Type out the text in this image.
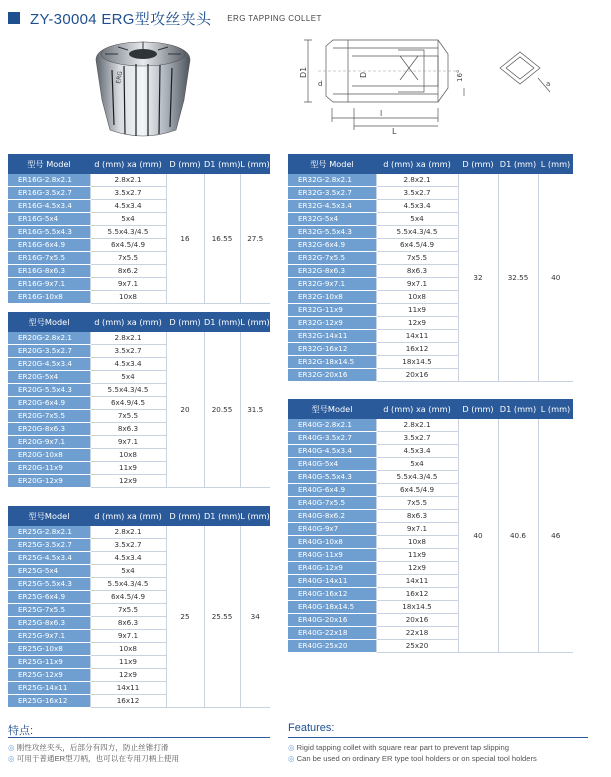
ZY-30004 ERG型攻丝夹头 ERG TAPPING COLLET
ERG	D1
d
D
l
L
16°
a
型号 Model	d (mm) xa (mm)	D (mm)	D1 (mm)	L (mm)
ER16G-2.8x2.1	2.8x2.1	16	16.55	27.5
ER16G-3.5x2.7	3.5x2.7			
ER16G-4.5x3.4	4.5x3.4			
ER16G-5x4	5x4			
ER16G-5.5x4.3	5.5x4.3/4.5			
ER16G-6x4.9	6x4.5/4.9			
ER16G-7x5.5	7x5.5			
ER16G-8x6.3	8x6.2			
ER16G-9x7.1	9x7.1			
ER16G-10x8	10x8			
型号Model	d (mm) xa (mm)	D (mm)	D1 (mm)	L (mm)
ER20G-2.8x2.1	2.8x2.1	20	20.55	31.5
ER20G-3.5x2.7	3.5x2.7			
ER20G-4.5x3.4	4.5x3.4			
ER20G-5x4	5x4			
ER20G-5.5x4.3	5.5x4.3/4.5			
ER20G-6x4.9	6x4.9/4.5			
ER20G-7x5.5	7x5.5			
ER20G-8x6.3	8x6.3			
ER20G-9x7.1	9x7.1			
ER20G-10x8	10x8			
ER20G-11x9	11x9			
ER20G-12x9	12x9			
型号Model	d (mm) xa (mm)	D (mm)	D1 (mm)	L (mm)
ER25G-2.8x2.1	2.8x2.1	25	25.55	34
ER25G-3.5x2.7	3.5x2.7			
ER25G-4.5x3.4	4.5x3.4			
ER25G-5x4	5x4			
ER25G-5.5x4.3	5.5x4.3/4.5			
ER25G-6x4.9	6x4.5/4.9			
ER25G-7x5.5	7x5.5			
ER25G-8x6.3	8x6.3			
ER25G-9x7.1	9x7.1			
ER25G-10x8	10x8			
ER25G-11x9	11x9			
ER25G-12x9	12x9			
ER25G-14x11	14x11			
ER25G-16x12	16x12			
型号 Model	d (mm) xa (mm)	D (mm)	D1 (mm)	L (mm)
ER32G-2.8x2.1	2.8x2.1	32	32.55	40
ER32G-3.5x2.7	3.5x2.7			
ER32G-4.5x3.4	4.5x3.4			
ER32G-5x4	5x4			
ER32G-5.5x4.3	5.5x4.3/4.5			
ER32G-6x4.9	6x4.5/4.9			
ER32G-7x5.5	7x5.5			
ER32G-8x6.3	8x6.3			
ER32G-9x7.1	9x7.1			
ER32G-10x8	10x8			
ER32G-11x9	11x9			
ER32G-12x9	12x9			
ER32G-14x11	14x11			
ER32G-16x12	16x12			
ER32G-18x14.5	18x14.5			
ER32G-20x16	20x16			
型号Model	d (mm) xa (mm)	D (mm)	D1 (mm)	L (mm)
ER40G-2.8x2.1	2.8x2.1	40	40.6	46
ER40G-3.5x2.7	3.5x2.7			
ER40G-4.5x3.4	4.5x3.4			
ER40G-5x4	5x4			
ER40G-5.5x4.3	5.5x4.3/4.5			
ER40G-6x4.9	6x4.5/4.9			
ER40G-7x5.5	7x5.5			
ER40G-8x6.2	8x6.3			
ER40G-9x7	9x7.1			
ER40G-10x8	10x8			
ER40G-11x9	11x9			
ER40G-12x9	12x9			
ER40G-14x11	14x11			
ER40G-16x12	16x12			
ER40G-18x14.5	18x14.5			
ER40G-20x16	20x16			
ER40G-22x18	22x18			
ER40G-25x20	25x20			
特点:
◎ 刚性攻丝夹头，后部分有四方，防止丝锥打滑
◎ 可用于普通ER型刀柄，也可以在专用刀柄上使用
Features:
◎ Rigid tapping collet with square rear part to prevent tap slipping
◎ Can be used on ordinary ER type tool holders or on special tool holders
